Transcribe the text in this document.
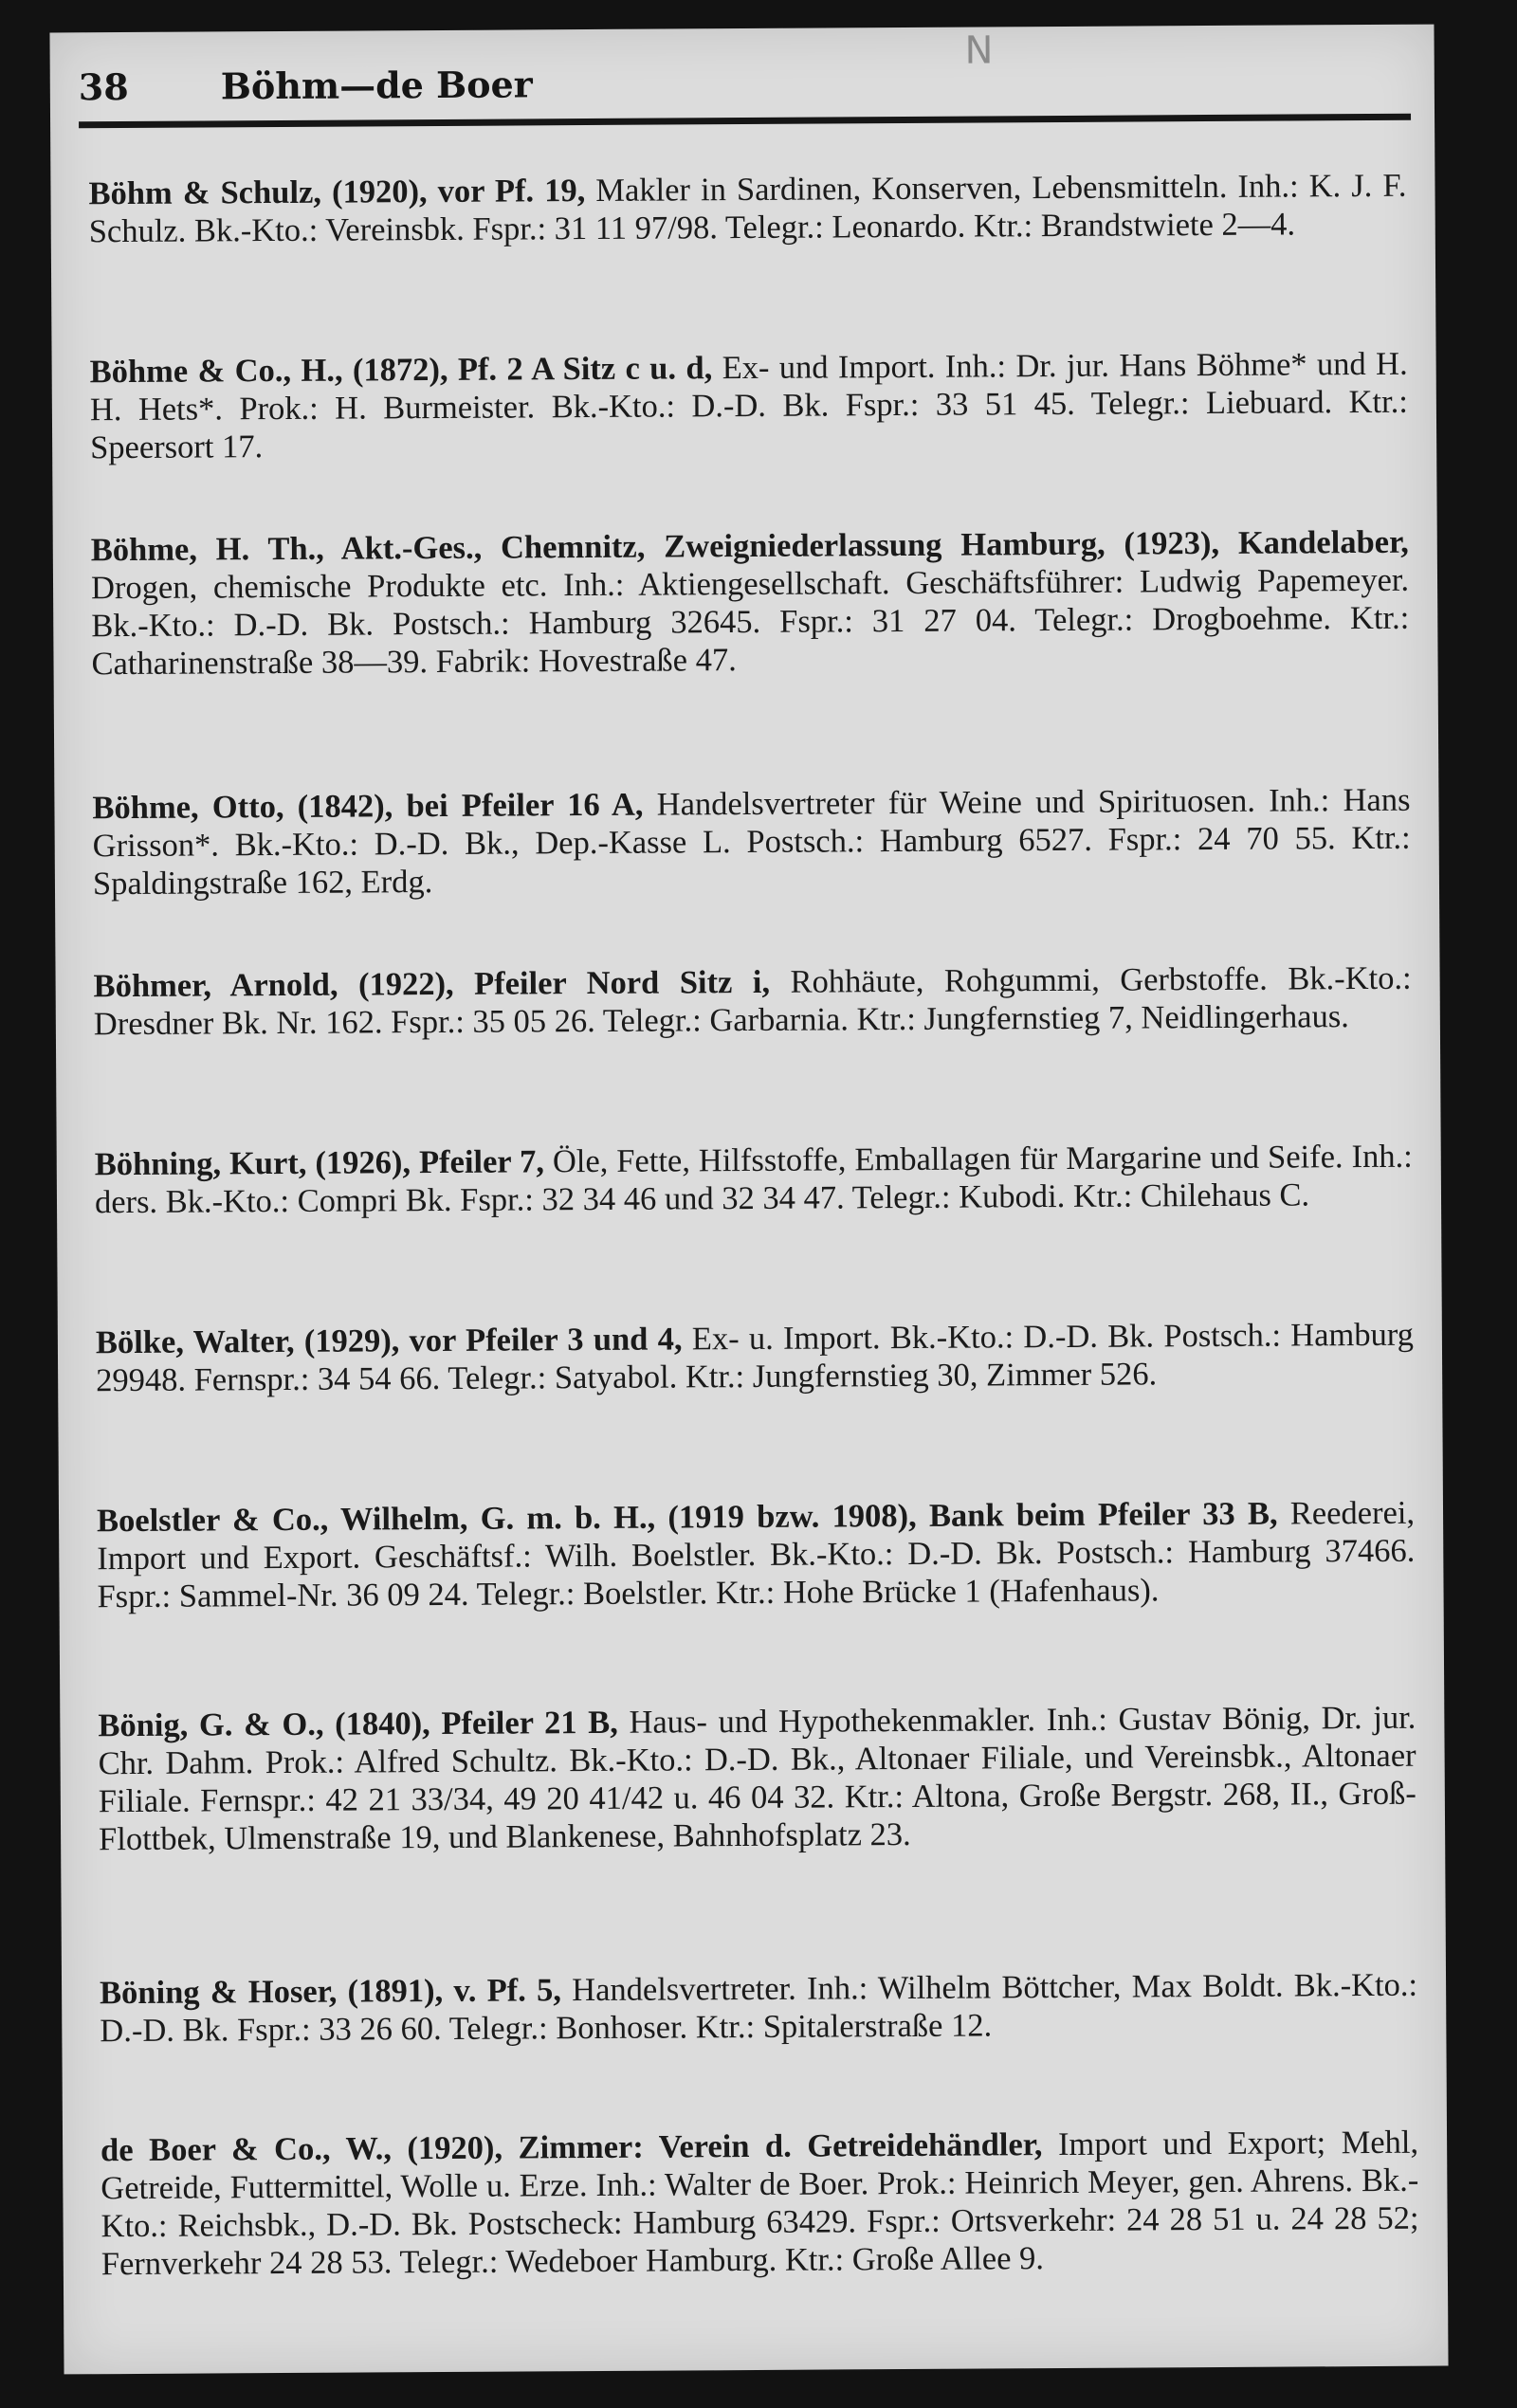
N
38	Böhm—de Boer
Böhm & Schulz, (1920), vor Pf. 19, Makler in Sardinen, Konserven, Lebensmitteln. Inh.: K. J. F. Schulz. Bk.-Kto.: Vereinsbk. Fspr.: 31 11 97/98. Telegr.: Leonardo. Ktr.: Brandstwiete 2—4.
Böhme & Co., H., (1872), Pf. 2 A Sitz c u. d, Ex- und Import. Inh.: Dr. jur. Hans Böhme* und H. H. Hets*. Prok.: H. Burmeister. Bk.-Kto.: D.-D. Bk. Fspr.: 33 51 45. Telegr.: Liebuard. Ktr.: Speersort 17.
Böhme, H. Th., Akt.-Ges., Chemnitz, Zweigniederlassung Hamburg, (1923), Kandelaber, Drogen, chemische Produkte etc. Inh.: Aktiengesellschaft. Geschäftsführer: Ludwig Papemeyer. Bk.-Kto.: D.-D. Bk. Postsch.: Hamburg 32645. Fspr.: 31 27 04. Telegr.: Drogboehme. Ktr.: Catharinenstraße 38—39. Fabrik: Hovestraße 47.
Böhme, Otto, (1842), bei Pfeiler 16 A, Handelsvertreter für Weine und Spirituosen. Inh.: Hans Grisson*. Bk.-Kto.: D.-D. Bk., Dep.-Kasse L. Postsch.: Hamburg 6527. Fspr.: 24 70 55. Ktr.: Spaldingstraße 162, Erdg.
Böhmer, Arnold, (1922), Pfeiler Nord Sitz i, Rohhäute, Rohgummi, Gerbstoffe. Bk.-Kto.: Dresdner Bk. Nr. 162. Fspr.: 35 05 26. Telegr.: Garbarnia. Ktr.: Jungfernstieg 7, Neidlingerhaus.
Böhning, Kurt, (1926), Pfeiler 7, Öle, Fette, Hilfsstoffe, Emballagen für Margarine und Seife. Inh.: ders. Bk.-Kto.: Compri Bk. Fspr.: 32 34 46 und 32 34 47. Telegr.: Kubodi. Ktr.: Chilehaus C.
Bölke, Walter, (1929), vor Pfeiler 3 und 4, Ex- u. Import. Bk.-Kto.: D.-D. Bk. Postsch.: Hamburg 29948. Fernspr.: 34 54 66. Telegr.: Satyabol. Ktr.: Jungfernstieg 30, Zimmer 526.
Boelstler & Co., Wilhelm, G. m. b. H., (1919 bzw. 1908), Bank beim Pfeiler 33 B, Reederei, Import und Export. Geschäftsf.: Wilh. Boelstler. Bk.-Kto.: D.-D. Bk. Postsch.: Hamburg 37466. Fspr.: Sammel-Nr. 36 09 24. Telegr.: Boelstler. Ktr.: Hohe Brücke 1 (Hafenhaus).
Bönig, G. & O., (1840), Pfeiler 21 B, Haus- und Hypothekenmakler. Inh.: Gustav Bönig, Dr. jur. Chr. Dahm. Prok.: Alfred Schultz. Bk.-Kto.: D.-D. Bk., Altonaer Filiale, und Vereinsbk., Altonaer Filiale. Fernspr.: 42 21 33/34, 49 20 41/42 u. 46 04 32. Ktr.: Altona, Große Bergstr. 268, II., Groß-Flottbek, Ulmenstraße 19, und Blankenese, Bahnhofsplatz 23.
Böning & Hoser, (1891), v. Pf. 5, Handelsvertreter. Inh.: Wilhelm Böttcher, Max Boldt. Bk.-Kto.: D.-D. Bk. Fspr.: 33 26 60. Telegr.: Bonhoser. Ktr.: Spitalerstraße 12.
de Boer & Co., W., (1920), Zimmer: Verein d. Getreidehändler, Import und Export; Mehl, Getreide, Futtermittel, Wolle u. Erze. Inh.: Walter de Boer. Prok.: Heinrich Meyer, gen. Ahrens. Bk.-Kto.: Reichsbk., D.-D. Bk. Postscheck: Hamburg 63429. Fspr.: Ortsverkehr: 24 28 51 u. 24 28 52; Fernverkehr 24 28 53. Telegr.: Wedeboer Hamburg. Ktr.: Große Allee 9.
